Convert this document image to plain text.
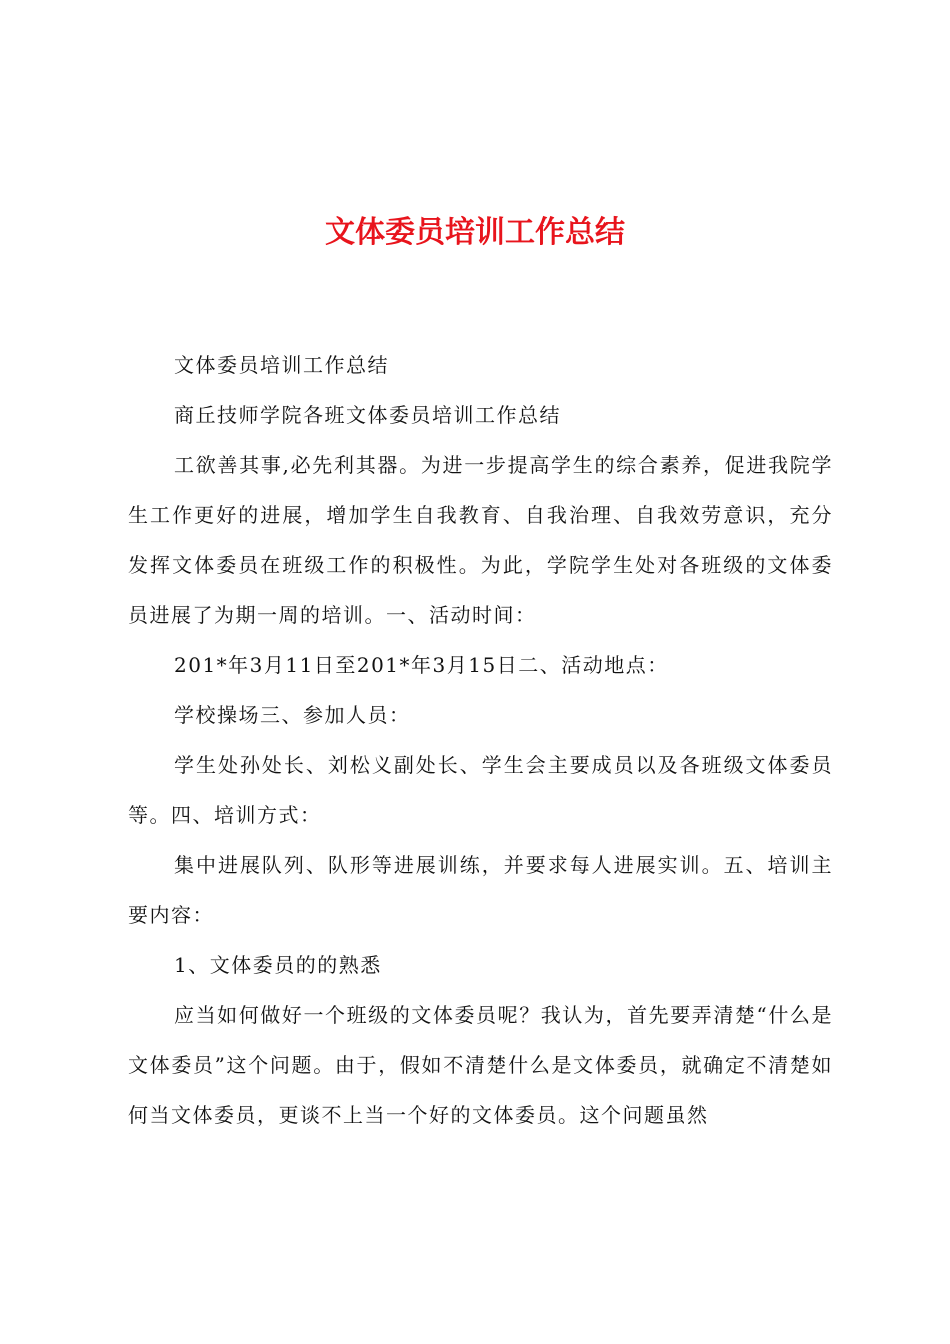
文体委员培训工作总结

文体委员培训工作总结

商丘技师学院各班文体委员培训工作总结

工欲善其事,必先利其器。为进一步提高学生的综合素养，促进我院学生工作更好的进展，增加学生自我教育、自我治理、自我效劳意识，充分发挥文体委员在班级工作的积极性。为此，学院学生处对各班级的文体委员进展了为期一周的培训。一、活动时间：

201*年3月11日至201*年3月15日二、活动地点：

学校操场三、参加人员：

学生处孙处长、刘松义副处长、学生会主要成员以及各班级文体委员等。四、培训方式：

集中进展队列、队形等进展训练，并要求每人进展实训。五、培训主要内容：

1、文体委员的的熟悉

应当如何做好一个班级的文体委员呢？我认为，首先要弄清楚“什么是文体委员”这个问题。由于，假如不清楚什么是文体委员，就确定不清楚如何当文体委员，更谈不上当一个好的文体委员。这个问题虽然
